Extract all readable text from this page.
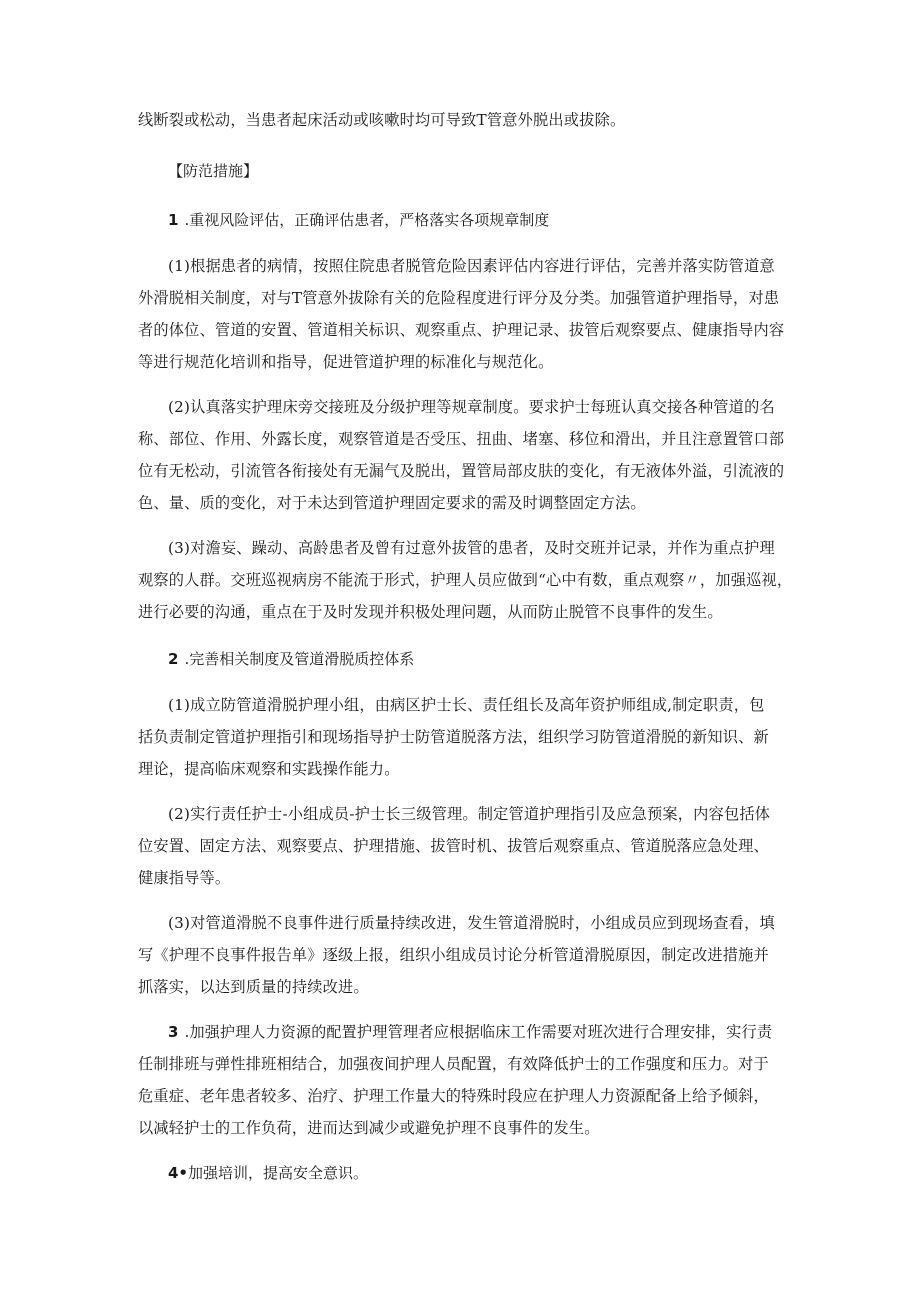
线断裂或松动，当患者起床活动或咳嗽时均可导致T管意外脱出或拔除。
【防范措施】
1 .重视风险评估，正确评估患者，严格落实各项规章制度
(1)根据患者的病情，按照住院患者脱管危险因素评估内容进行评估，完善并落实防管道意
外滑脱相关制度，对与T管意外拔除有关的危险程度进行评分及分类。加强管道护理指导，对患
者的体位、管道的安置、管道相关标识、观察重点、护理记录、拔管后观察要点、健康指导内容
等进行规范化培训和指导，促进管道护理的标准化与规范化。
(2)认真落实护理床旁交接班及分级护理等规章制度。要求护士每班认真交接各种管道的名
称、部位、作用、外露长度，观察管道是否受压、扭曲、堵塞、移位和滑出，并且注意置管口部
位有无松动，引流管各衔接处有无漏气及脱出，置管局部皮肤的变化，有无液体外溢，引流液的
色、量、质的变化，对于未达到管道护理固定要求的需及时调整固定方法。
(3)对澹妄、躁动、高龄患者及曾有过意外拔管的患者，及时交班并记录，并作为重点护理
观察的人群。交班巡视病房不能流于形式，护理人员应做到“心中有数，重点观察〃，加强巡视，
进行必要的沟通，重点在于及时发现并积极处理问题，从而防止脱管不良事件的发生。
2 .完善相关制度及管道滑脱质控体系
(1)成立防管道滑脱护理小组，由病区护士长、责任组长及高年资护师组成,制定职责，包
括负责制定管道护理指引和现场指导护士防管道脱落方法，组织学习防管道滑脱的新知识、新
理论，提高临床观察和实践操作能力。
(2)实行责任护士-小组成员-护士长三级管理。制定管道护理指引及应急预案，内容包括体
位安置、固定方法、观察要点、护理措施、拔管时机、拔管后观察重点、管道脱落应急处理、
健康指导等。
(3)对管道滑脱不良事件进行质量持续改进，发生管道滑脱时，小组成员应到现场查看，填
写《护理不良事件报告单》逐级上报，组织小组成员讨论分析管道滑脱原因，制定改进措施并
抓落实，以达到质量的持续改进。
3 .加强护理人力资源的配置护理管理者应根据临床工作需要对班次进行合理安排，实行责
任制排班与弹性排班相结合，加强夜间护理人员配置，有效降低护士的工作强度和压力。对于
危重症、老年患者较多、治疗、护理工作量大的特殊时段应在护理人力资源配备上给予倾斜，
以减轻护士的工作负荷，进而达到减少或避免护理不良事件的发生。
4•加强培训，提高安全意识。
